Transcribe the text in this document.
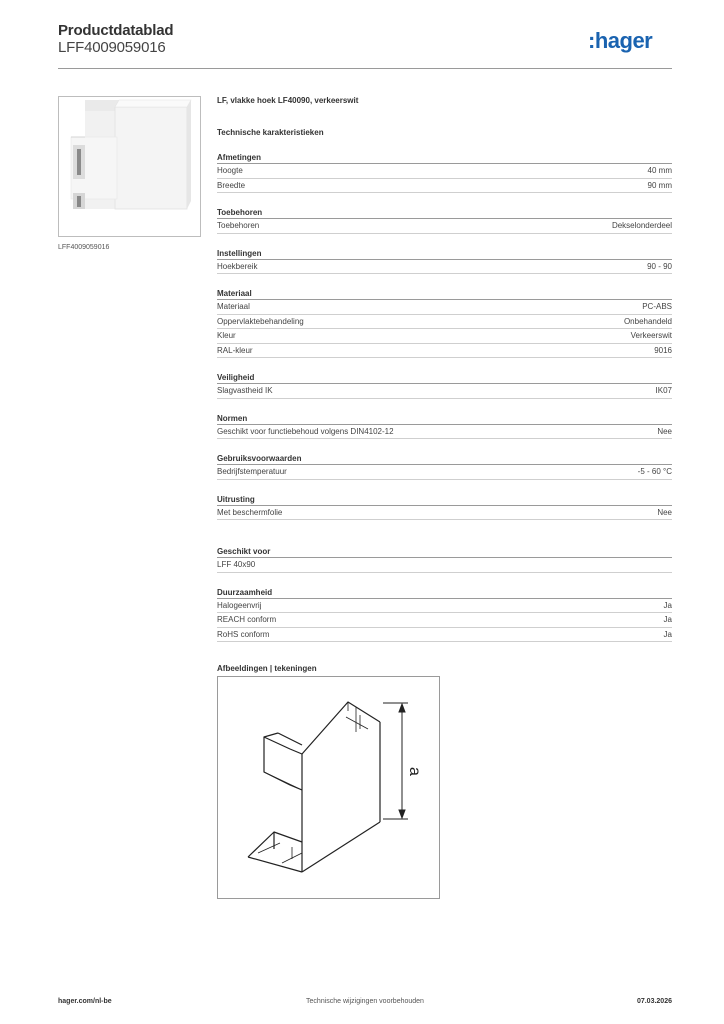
Productdatablad
LFF4009059016	:hager
LFF4009059016
LF, vlakke hoek LF40090, verkeerswit
Technische karakteristieken
Afmetingen
Hoogte	40 mm
Breedte	90 mm
Toebehoren
Toebehoren	Dekselonderdeel
Instellingen
Hoekbereik	90 - 90
Materiaal
Materiaal	PC-ABS
Oppervlaktebehandeling	Onbehandeld
Kleur	Verkeerswit
RAL-kleur	9016
Veiligheid
Slagvastheid IK	IK07
Normen
Geschikt voor functiebehoud volgens DIN4102-12	Nee
Gebruiksvoorwaarden
Bedrijfstemperatuur	-5 - 60 °C
Uitrusting
Met beschermfolie	Nee
Geschikt voor
LFF 40x90
Duurzaamheid
Halogeenvrij	Ja
REACH conform	Ja
RoHS conform	Ja
Afbeeldingen | tekeningen
a
hager.com/nl-be	Technische wijzigingen voorbehouden	07.03.2026
